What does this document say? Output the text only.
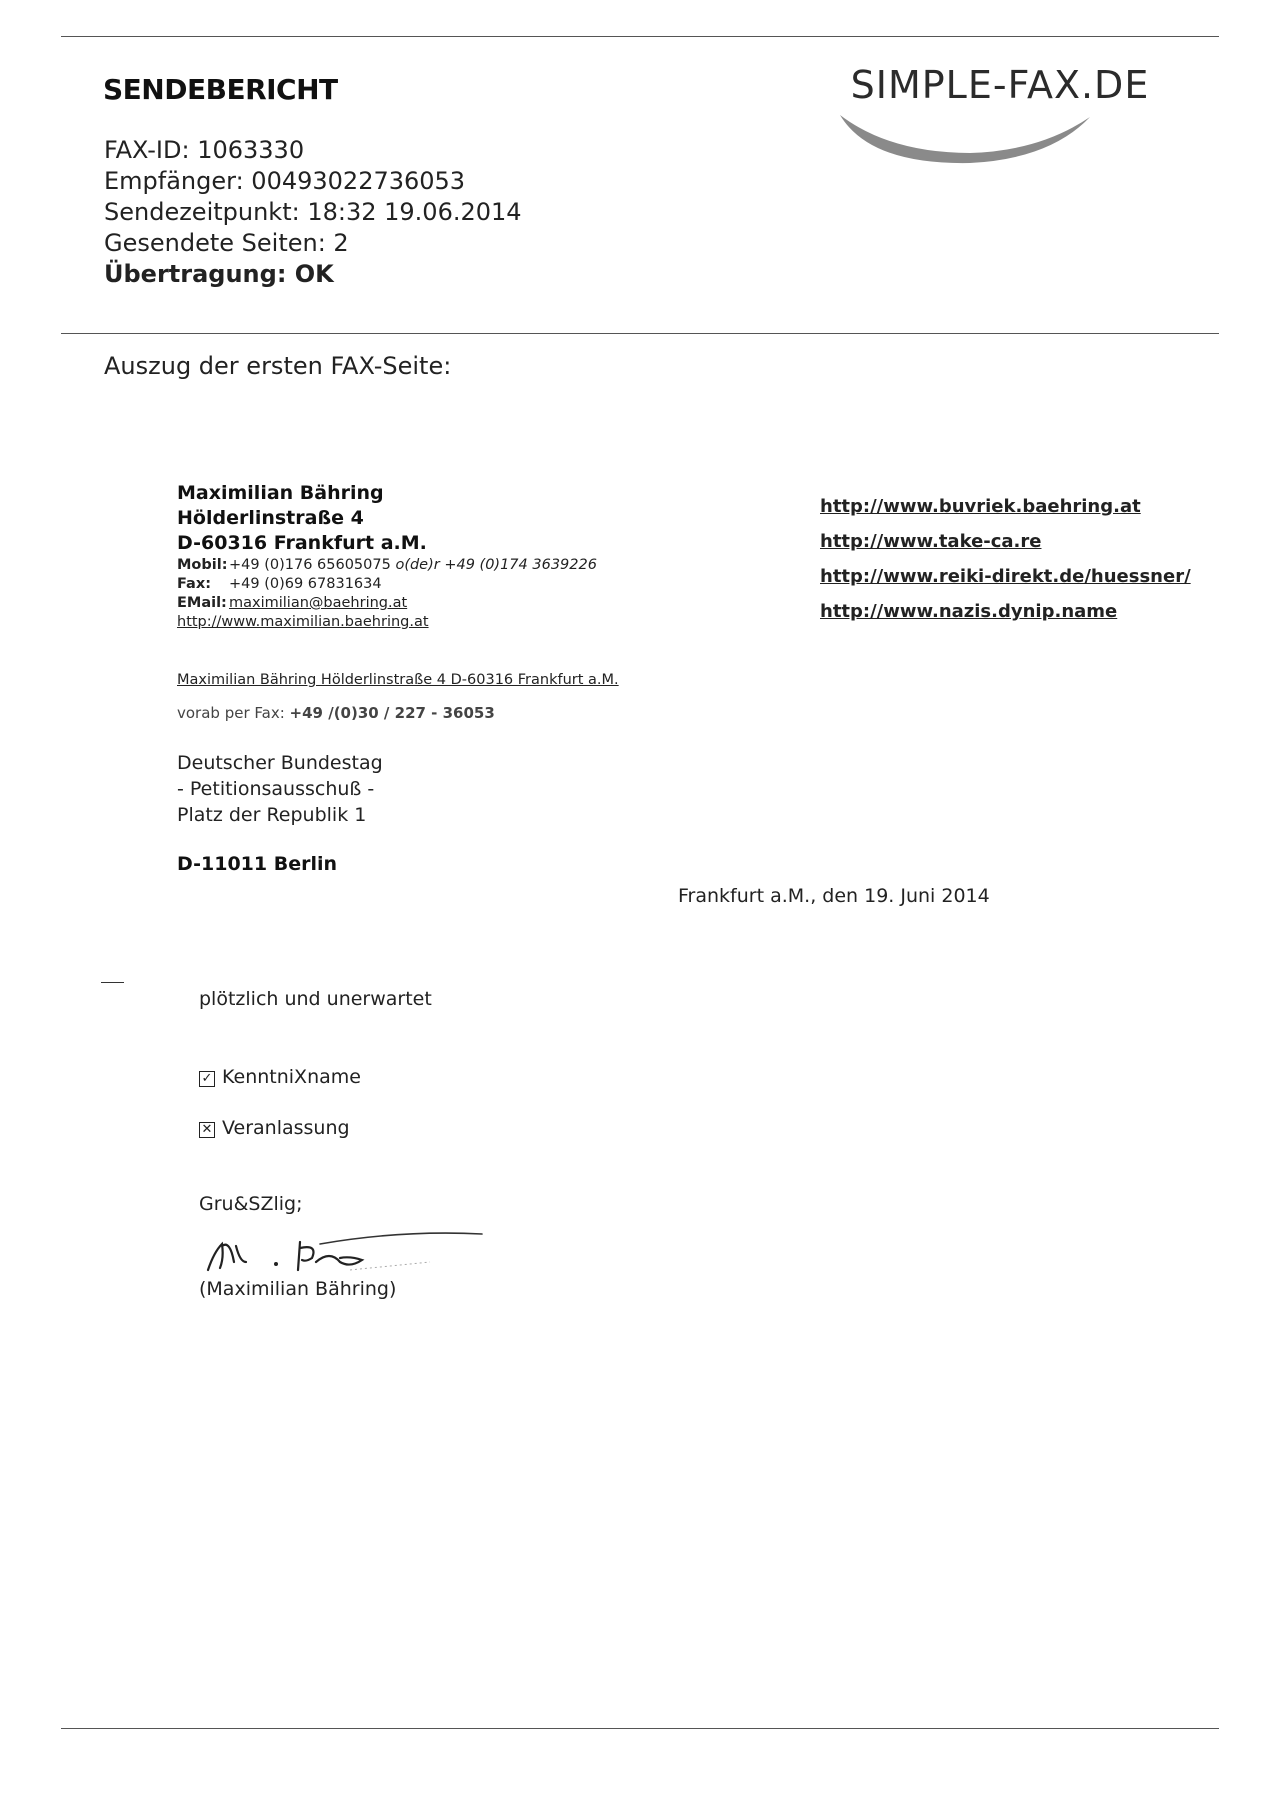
SENDEBERICHT	SIMPLE-FAX.DE
FAX-ID: 1063330
Empfänger: 00493022736053
Sendezeitpunkt: 18:32 19.06.2014
Gesendete Seiten: 2
Übertragung: OK
Auszug der ersten FAX-Seite:
Maximilian Bähring
Hölderlinstraße 4
D-60316 Frankfurt a.M.
Mobil:+49 (0)176 65605075 o(de)r +49 (0)174 3639226
Fax: +49 (0)69 67831634
EMail: maximilian@baehring.at
http://www.maximilian.baehring.at
http://www.buvriek.baehring.at
http://www.take-ca.re
http://www.reiki-direkt.de/huessner/
http://www.nazis.dynip.name
Maximilian Bähring Hölderlinstraße 4 D-60316 Frankfurt a.M.
vorab per Fax: +49 /(0)30 / 227 - 36053
Deutscher Bundestag
- Petitionsausschuß -
Platz der Republik 1
D-11011 Berlin
Frankfurt a.M., den 19. Juni 2014
plötzlich und unerwartet
✓ KenntniXname
✕ Veranlassung
Gru&SZlig;
(Maximilian Bähring)
